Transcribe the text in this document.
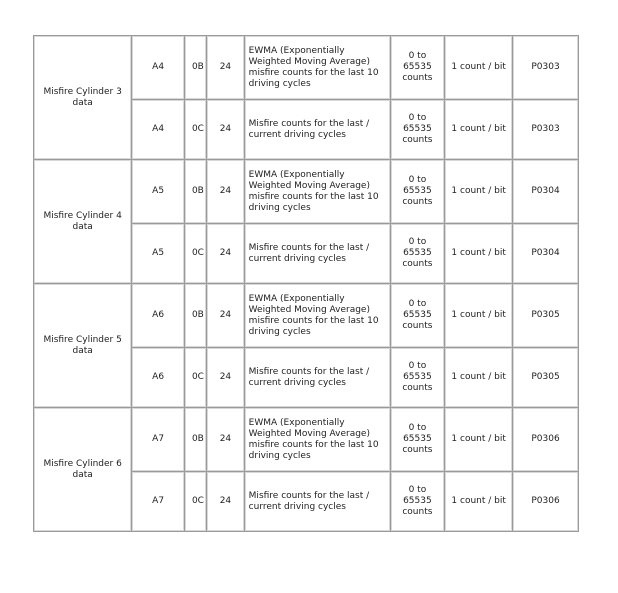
Misfire Cylinder 3 data	A4	0B	24	EWMA (Exponentially Weighted Moving Average) misfire counts for the last 10 driving cycles	0 to 65535 counts	1 count / bit	P0303
	A4	0C	24	Misfire counts for the last / current driving cycles	0 to 65535 counts	1 count / bit	P0303
Misfire Cylinder 4 data	A5	0B	24	EWMA (Exponentially Weighted Moving Average) misfire counts for the last 10 driving cycles	0 to 65535 counts	1 count / bit	P0304
	A5	0C	24	Misfire counts for the last / current driving cycles	0 to 65535 counts	1 count / bit	P0304
Misfire Cylinder 5 data	A6	0B	24	EWMA (Exponentially Weighted Moving Average) misfire counts for the last 10 driving cycles	0 to 65535 counts	1 count / bit	P0305
	A6	0C	24	Misfire counts for the last / current driving cycles	0 to 65535 counts	1 count / bit	P0305
Misfire Cylinder 6 data	A7	0B	24	EWMA (Exponentially Weighted Moving Average) misfire counts for the last 10 driving cycles	0 to 65535 counts	1 count / bit	P0306
	A7	0C	24	Misfire counts for the last / current driving cycles	0 to 65535 counts	1 count / bit	P0306
